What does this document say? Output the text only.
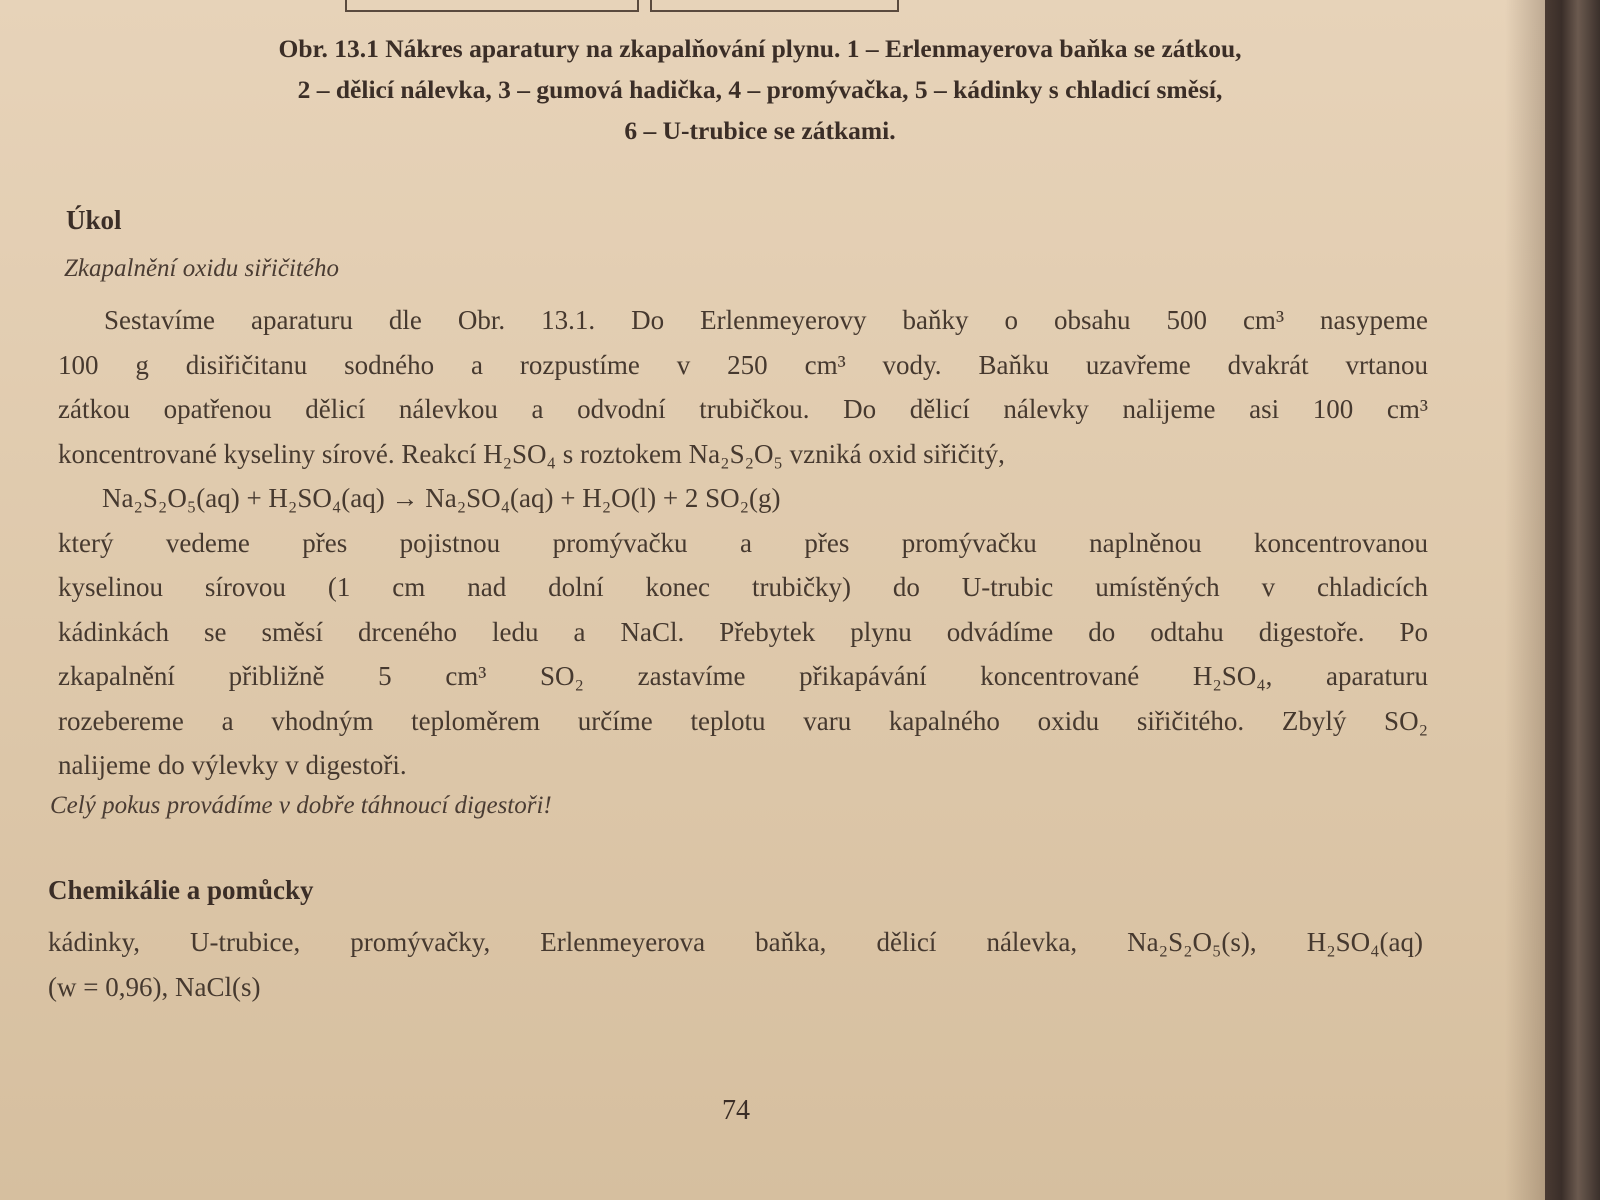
Obr. 13.1 Nákres aparatury na zkapalňování plynu. 1 – Erlenmayerova baňka se zátkou,
2 – dělicí nálevka, 3 – gumová hadička, 4 – promývačka, 5 – kádinky s chladicí směsí,
6 – U-trubice se zátkami.
Úkol
Zkapalnění oxidu siřičitého
Sestavíme aparaturu dle Obr. 13.1. Do Erlenmeyerovy baňky o obsahu 500 cm³ nasypeme
100 g disiřičitanu sodného a rozpustíme v 250 cm³ vody. Baňku uzavřeme dvakrát vrtanou
zátkou opatřenou dělicí nálevkou a odvodní trubičkou. Do dělicí nálevky nalijeme asi 100 cm³
koncentrované kyseliny sírové. Reakcí H₂SO₄ s roztokem Na₂S₂O₅ vzniká oxid siřičitý,
Na₂S₂O₅(aq) + H₂SO₄(aq) → Na₂SO₄(aq) + H₂O(l) + 2 SO₂(g)
který vedeme přes pojistnou promývačku a přes promývačku naplněnou koncentrovanou
kyselinou sírovou (1 cm nad dolní konec trubičky) do U-trubic umístěných v chladicích
kádinkách se směsí drceného ledu a NaCl. Přebytek plynu odvádíme do odtahu digestoře. Po
zkapalnění přibližně 5 cm³ SO₂ zastavíme přikapávání koncentrované H₂SO₄, aparaturu
rozebereme a vhodným teploměrem určíme teplotu varu kapalného oxidu siřičitého. Zbylý SO₂
nalijeme do výlevky v digestoři.
Celý pokus provádíme v dobře táhnoucí digestoři!
Chemikálie a pomůcky
kádinky, U-trubice, promývačky, Erlenmeyerova baňka, dělicí nálevka, Na₂S₂O₅(s), H₂SO₄(aq)
(w = 0,96), NaCl(s)
74
